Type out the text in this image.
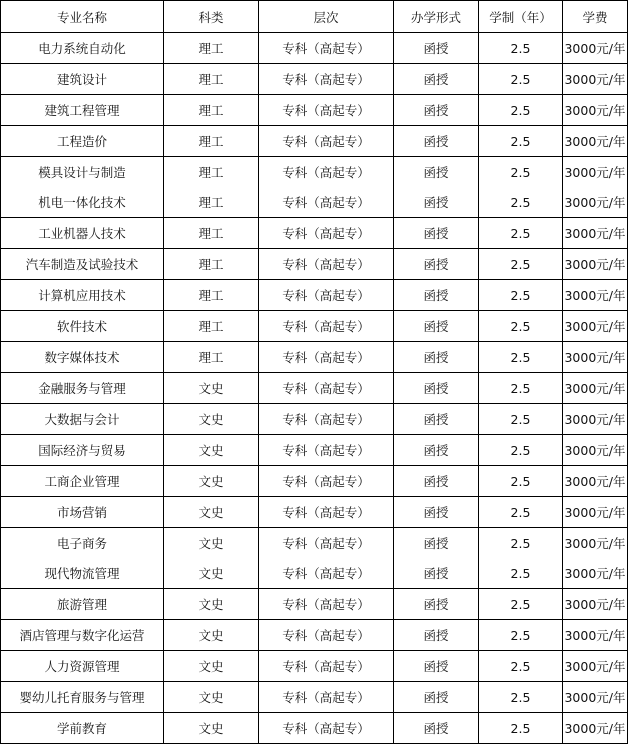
专业名称	科类	层次	办学形式	学制（年）	学费
电力系统自动化	理工	专科（高起专）	函授	2.5	3000元/年
建筑设计	理工	专科（高起专）	函授	2.5	3000元/年
建筑工程管理	理工	专科（高起专）	函授	2.5	3000元/年
工程造价	理工	专科（高起专）	函授	2.5	3000元/年
模具设计与制造	理工	专科（高起专）	函授	2.5	3000元/年
机电一体化技术	理工	专科（高起专）	函授	2.5	3000元/年
工业机器人技术	理工	专科（高起专）	函授	2.5	3000元/年
汽车制造及试验技术	理工	专科（高起专）	函授	2.5	3000元/年
计算机应用技术	理工	专科（高起专）	函授	2.5	3000元/年
软件技术	理工	专科（高起专）	函授	2.5	3000元/年
数字媒体技术	理工	专科（高起专）	函授	2.5	3000元/年
金融服务与管理	文史	专科（高起专）	函授	2.5	3000元/年
大数据与会计	文史	专科（高起专）	函授	2.5	3000元/年
国际经济与贸易	文史	专科（高起专）	函授	2.5	3000元/年
工商企业管理	文史	专科（高起专）	函授	2.5	3000元/年
市场营销	文史	专科（高起专）	函授	2.5	3000元/年
电子商务	文史	专科（高起专）	函授	2.5	3000元/年
现代物流管理	文史	专科（高起专）	函授	2.5	3000元/年
旅游管理	文史	专科（高起专）	函授	2.5	3000元/年
酒店管理与数字化运营	文史	专科（高起专）	函授	2.5	3000元/年
人力资源管理	文史	专科（高起专）	函授	2.5	3000元/年
婴幼儿托育服务与管理	文史	专科（高起专）	函授	2.5	3000元/年
学前教育	文史	专科（高起专）	函授	2.5	3000元/年
